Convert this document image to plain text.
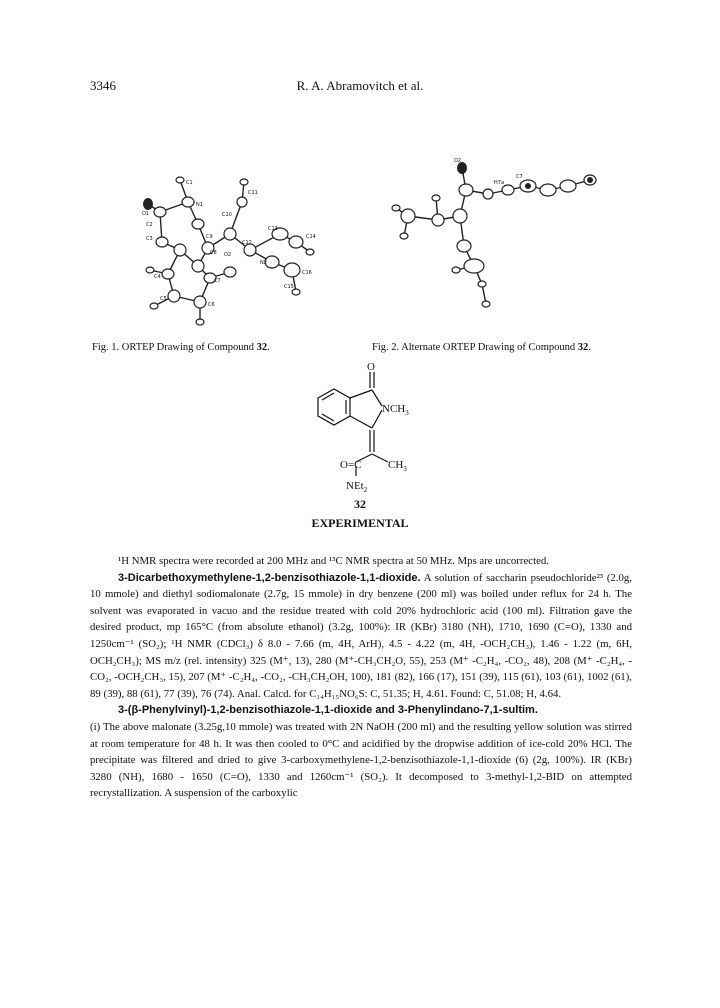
3346	R. A. Abramovitch et al.
C1
C11
N1
O1
C2
C10
C9
C13
C14
C3
C12
C8 O2
N2
C4
C7
C16
C15
C5
C6
O2
H7a
C7
Fig. 1. ORTEP Drawing of Compound 32.	Fig. 2. Alternate ORTEP Drawing of Compound 32.
O
$NCH_3$
O=C $CH_3$
NEt$_2$
32
EXPERIMENTAL

¹H NMR spectra were recorded at 200 MHz and ¹³C NMR spectra at 50 MHz. Mps are uncorrected.

3-Dicarbethoxymethylene-1,2-benzisothiazole-1,1-dioxide. A solution of saccharin pseudochloride²³ (2.0g, 10 mmole) and diethyl sodiomalonate (2.7g, 15 mmole) in dry benzene (200 ml) was boiled under reflux for 24 h. The solvent was evaporated in vacuo and the residue treated with cold 20% hydrochloric acid (100 ml). Filtration gave the desired product, mp 165°C (from absolute ethanol) (3.2g, 100%): IR (KBr) 3180 (NH), 1710, 1690 (C=O), 1330 and 1250cm⁻¹ (SO₂); ¹H NMR (CDCl₃) δ 8.0 - 7.66 (m, 4H, ArH), 4.5 - 4.22 (m, 4H, -OCH₂CH₃), 1.46 - 1.22 (m, 6H, OCH₂CH₃); MS m/z (rel. intensity) 325 (M⁺, 13), 280 (M⁺-CH₃CH₂O, 55), 253 (M⁺ -C₂H₄, -CO₂, 48), 208 (M⁺ -C₂H₄, -CO₂, -OCH₂CH₃, 15), 207 (M⁺ -C₂H₄, -CO₂, -CH₃CH₂OH, 100), 181 (82), 166 (17), 151 (39), 115 (61), 103 (61), 1002 (61), 89 (39), 88 (61), 77 (39), 76 (74). Anal. Calcd. for C₁₄H₁₅NO₆S: C, 51.35; H, 4.61. Found: C, 51.08; H, 4.64.

3-(β-Phenylvinyl)-1,2-benzisothiazole-1,1-dioxide and 3-Phenylindano-7,1-sultim.

(i) The above malonate (3.25g,10 mmole) was treated with 2N NaOH (200 ml) and the resulting yellow solution was stirred at room temperature for 48 h. It was then cooled to 0°C and acidified by the dropwise addition of ice-cold 20% HCl. The precipitate was filtered and dried to give 3-carboxymethylene-1,2-benzisothiazole-1,1-dioxide (6) (2g, 100%). IR (KBr) 3280 (NH), 1680 - 1650 (C=O), 1330 and 1260cm⁻¹ (SO₂). It decomposed to 3-methyl-1,2-BID on attempted recrystallization. A suspension of the carboxylic
